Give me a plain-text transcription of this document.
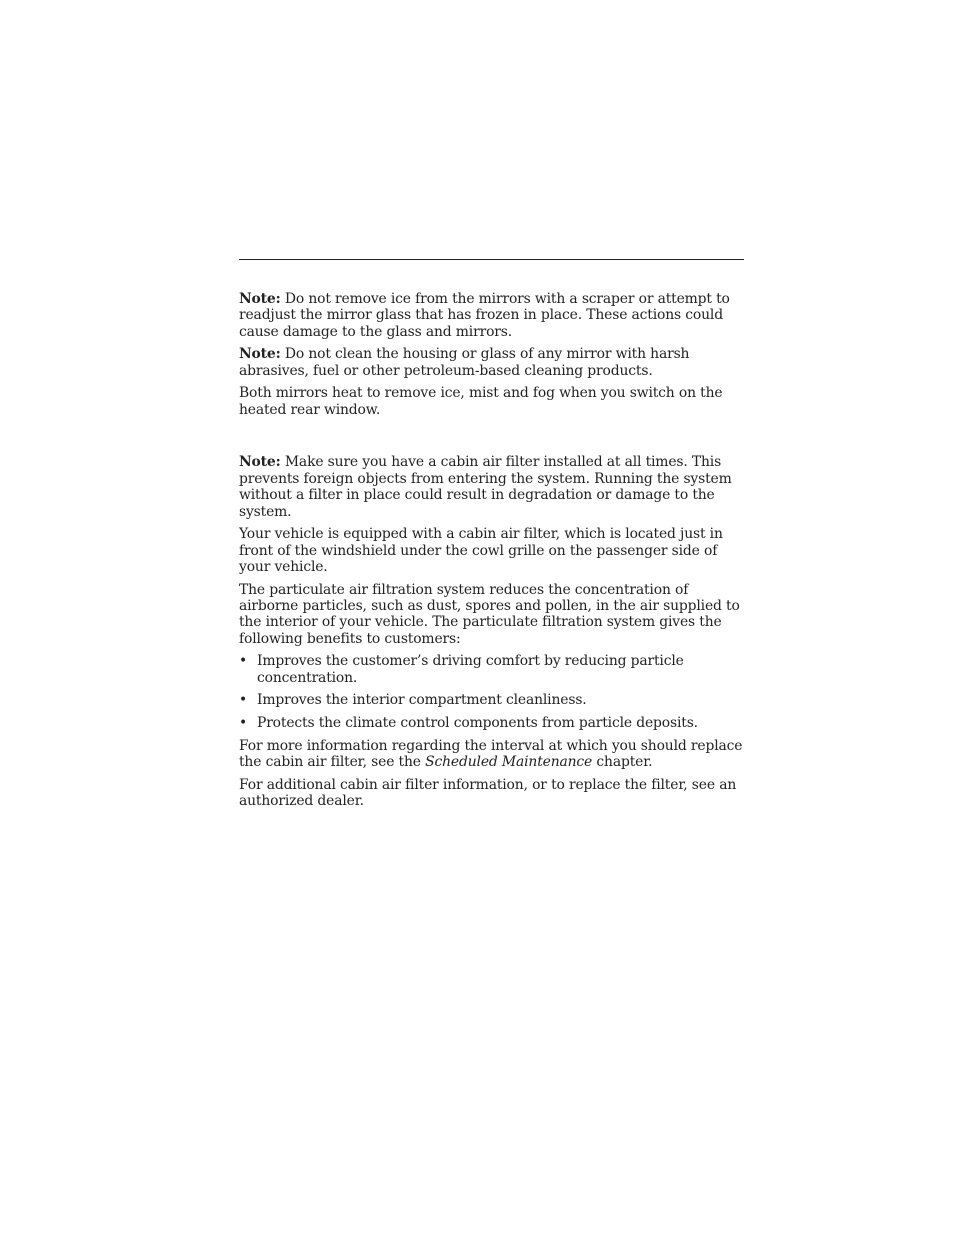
Note: Do not remove ice from the mirrors with a scraper or attempt to readjust the mirror glass that has frozen in place. These actions could cause damage to the glass and mirrors.

Note: Do not clean the housing or glass of any mirror with harsh abrasives, fuel or other petroleum-based cleaning products.

Both mirrors heat to remove ice, mist and fog when you switch on the heated rear window.

Note: Make sure you have a cabin air filter installed at all times. This prevents foreign objects from entering the system. Running the system without a filter in place could result in degradation or damage to the system.

Your vehicle is equipped with a cabin air filter, which is located just in front of the windshield under the cowl grille on the passenger side of your vehicle.

The particulate air filtration system reduces the concentration of airborne particles, such as dust, spores and pollen, in the air supplied to the interior of your vehicle. The particulate filtration system gives the following benefits to customers:

• Improves the customer’s driving comfort by reducing particle concentration.
• Improves the interior compartment cleanliness.
• Protects the climate control components from particle deposits.

For more information regarding the interval at which you should replace the cabin air filter, see the Scheduled Maintenance chapter.

For additional cabin air filter information, or to replace the filter, see an authorized dealer.
